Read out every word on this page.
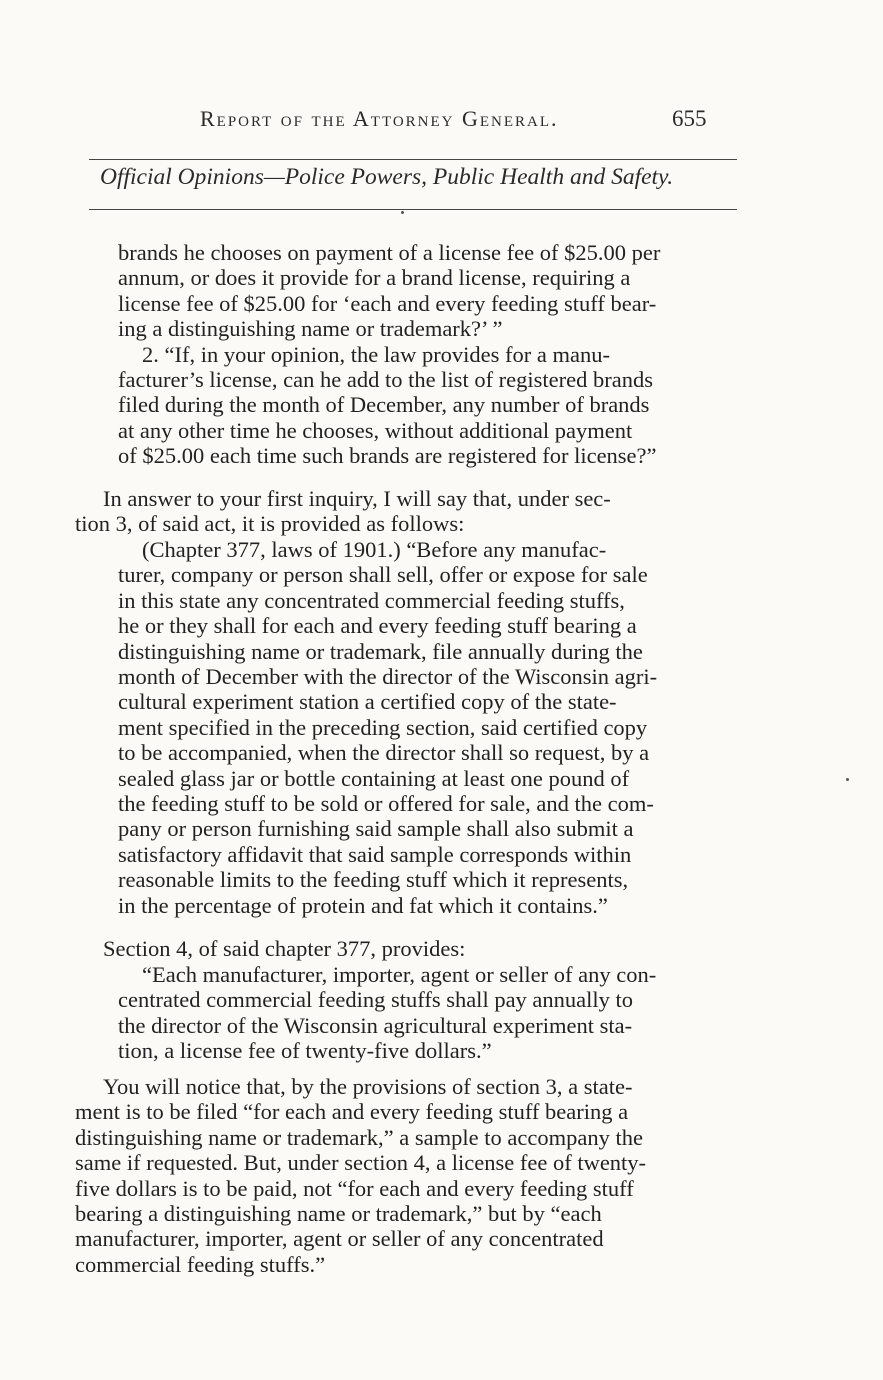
Report of the Attorney General.	655
Official Opinions—Police Powers, Public Health and Safety.
brands he chooses on payment of a license fee of $25.00 per
annum, or does it provide for a brand license, requiring a
license fee of $25.00 for ‘each and every feeding stuff bear-
ing a distinguishing name or trademark?’ ”
2. “If, in your opinion, the law provides for a manu-
facturer’s license, can he add to the list of registered brands
filed during the month of December, any number of brands
at any other time he chooses, without additional payment
of $25.00 each time such brands are registered for license?”
In answer to your first inquiry, I will say that, under sec-
tion 3, of said act, it is provided as follows:
(Chapter 377, laws of 1901.) “Before any manufac-
turer, company or person shall sell, offer or expose for sale
in this state any concentrated commercial feeding stuffs,
he or they shall for each and every feeding stuff bearing a
distinguishing name or trademark, file annually during the
month of December with the director of the Wisconsin agri-
cultural experiment station a certified copy of the state-
ment specified in the preceding section, said certified copy
to be accompanied, when the director shall so request, by a
sealed glass jar or bottle containing at least one pound of
the feeding stuff to be sold or offered for sale, and the com-
pany or person furnishing said sample shall also submit a
satisfactory affidavit that said sample corresponds within
reasonable limits to the feeding stuff which it represents,
in the percentage of protein and fat which it contains.”
Section 4, of said chapter 377, provides:
“Each manufacturer, importer, agent or seller of any con-
centrated commercial feeding stuffs shall pay annually to
the director of the Wisconsin agricultural experiment sta-
tion, a license fee of twenty-five dollars.”
You will notice that, by the provisions of section 3, a state-
ment is to be filed “for each and every feeding stuff bearing a
distinguishing name or trademark,” a sample to accompany the
same if requested. But, under section 4, a license fee of twenty-
five dollars is to be paid, not “for each and every feeding stuff
bearing a distinguishing name or trademark,” but by “each
manufacturer, importer, agent or seller of any concentrated
commercial feeding stuffs.”
